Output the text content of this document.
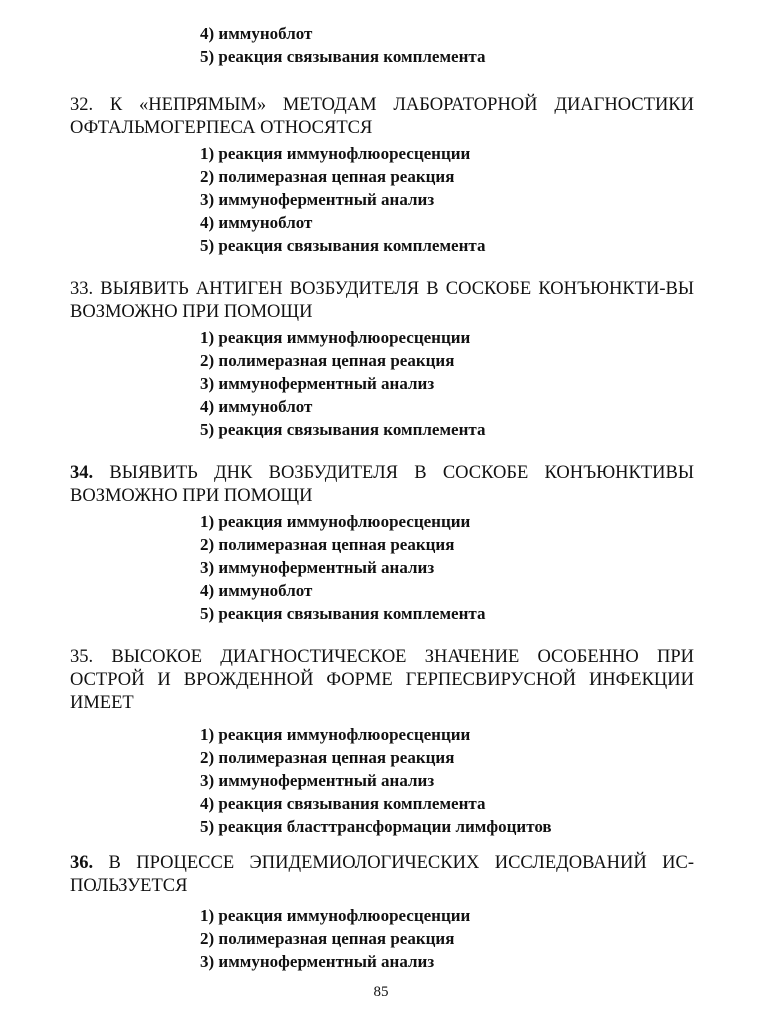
4) иммуноблот
5) реакция связывания комплемента
32. К «НЕПРЯМЫМ» МЕТОДАМ ЛАБОРАТОРНОЙ ДИАГНОСТИКИ ОФТАЛЬМОГЕРПЕСА ОТНОСЯТСЯ
1) реакция иммунофлюоресценции
2) полимеразная цепная реакция
3) иммуноферментный анализ
4) иммуноблот
5) реакция связывания комплемента
33. ВЫЯВИТЬ АНТИГЕН ВОЗБУДИТЕЛЯ В СОСКОБЕ КОНЪЮНКТИ-ВЫ ВОЗМОЖНО ПРИ ПОМОЩИ
1) реакция иммунофлюоресценции
2) полимеразная цепная реакция
3) иммуноферментный анализ
4) иммуноблот
5) реакция связывания комплемента
34. ВЫЯВИТЬ ДНК ВОЗБУДИТЕЛЯ В СОСКОБЕ КОНЪЮНКТИВЫ ВОЗМОЖНО ПРИ ПОМОЩИ
1) реакция иммунофлюоресценции
2) полимеразная цепная реакция
3) иммуноферментный анализ
4) иммуноблот
5) реакция связывания комплемента
35. ВЫСОКОЕ ДИАГНОСТИЧЕСКОЕ ЗНАЧЕНИЕ ОСОБЕННО ПРИ ОСТРОЙ И ВРОЖДЕННОЙ ФОРМЕ ГЕРПЕСВИРУСНОЙ ИНФЕКЦИИ ИМЕЕТ
1) реакция иммунофлюоресценции
2) полимеразная цепная реакция
3) иммуноферментный анализ
4) реакция связывания комплемента
5) реакция бласттрансформации лимфоцитов
36. В ПРОЦЕССЕ ЭПИДЕМИОЛОГИЧЕСКИХ ИССЛЕДОВАНИЙ ИС-ПОЛЬЗУЕТСЯ
1) реакция иммунофлюоресценции
2) полимеразная цепная реакция
3) иммуноферментный анализ
85
